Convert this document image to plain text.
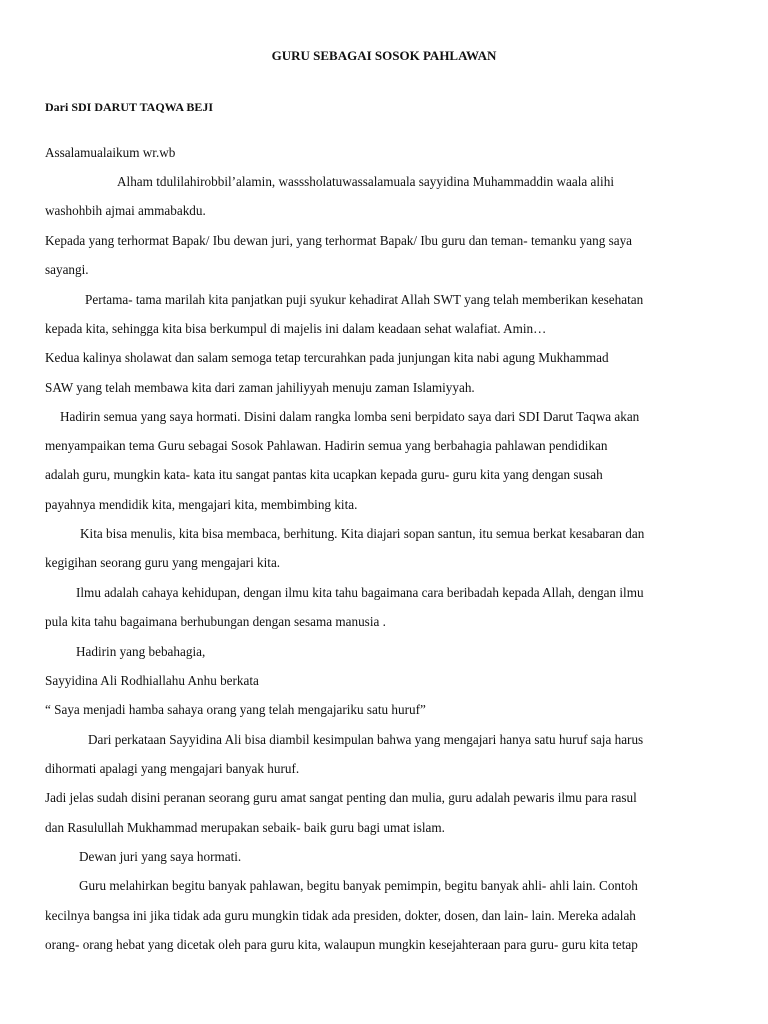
GURU SEBAGAI SOSOK PAHLAWAN
Dari SDI DARUT TAQWA BEJI
Assalamualaikum wr.wb
Alham tdulilahirobbil’alamin, wasssholatuwassalamuala sayyidina Muhammaddin waala alihi
washohbih ajmai ammabakdu.
Kepada yang terhormat Bapak/ Ibu dewan juri, yang terhormat Bapak/ Ibu guru dan teman- temanku yang saya
sayangi.
Pertama- tama marilah kita panjatkan puji syukur kehadirat Allah SWT yang telah memberikan kesehatan
kepada kita, sehingga kita bisa berkumpul di majelis ini dalam keadaan sehat walafiat. Amin…
Kedua kalinya sholawat dan salam semoga tetap tercurahkan pada junjungan kita nabi agung Mukhammad
SAW yang telah membawa kita dari zaman jahiliyyah menuju zaman Islamiyyah.
Hadirin semua yang saya hormati. Disini dalam rangka lomba seni berpidato saya dari SDI Darut Taqwa akan
menyampaikan tema Guru sebagai Sosok Pahlawan. Hadirin semua yang berbahagia pahlawan pendidikan
adalah guru, mungkin kata- kata itu sangat pantas kita ucapkan kepada guru- guru kita yang dengan susah
payahnya mendidik kita, mengajari kita, membimbing kita.
Kita bisa menulis, kita bisa membaca, berhitung. Kita diajari sopan santun, itu semua berkat kesabaran dan
kegigihan seorang guru yang mengajari kita.
Ilmu adalah cahaya kehidupan, dengan ilmu kita tahu bagaimana cara beribadah kepada Allah, dengan ilmu
pula kita tahu bagaimana berhubungan dengan sesama manusia .
Hadirin yang bebahagia,
Sayyidina Ali Rodhiallahu Anhu berkata
“ Saya menjadi hamba sahaya orang yang telah mengajariku satu huruf”
Dari perkataan Sayyidina Ali bisa diambil kesimpulan bahwa yang mengajari hanya satu huruf saja harus
dihormati apalagi yang mengajari banyak huruf.
Jadi jelas sudah disini peranan seorang guru amat sangat penting dan mulia, guru adalah pewaris ilmu para rasul
dan Rasulullah Mukhammad merupakan sebaik- baik guru bagi umat islam.
Dewan juri yang saya hormati.
Guru melahirkan begitu banyak pahlawan, begitu banyak pemimpin, begitu banyak ahli- ahli lain. Contoh
kecilnya bangsa ini jika tidak ada guru mungkin tidak ada presiden, dokter, dosen, dan lain- lain. Mereka adalah
orang- orang hebat yang dicetak oleh para guru kita, walaupun mungkin kesejahteraan para guru- guru kita tetap
